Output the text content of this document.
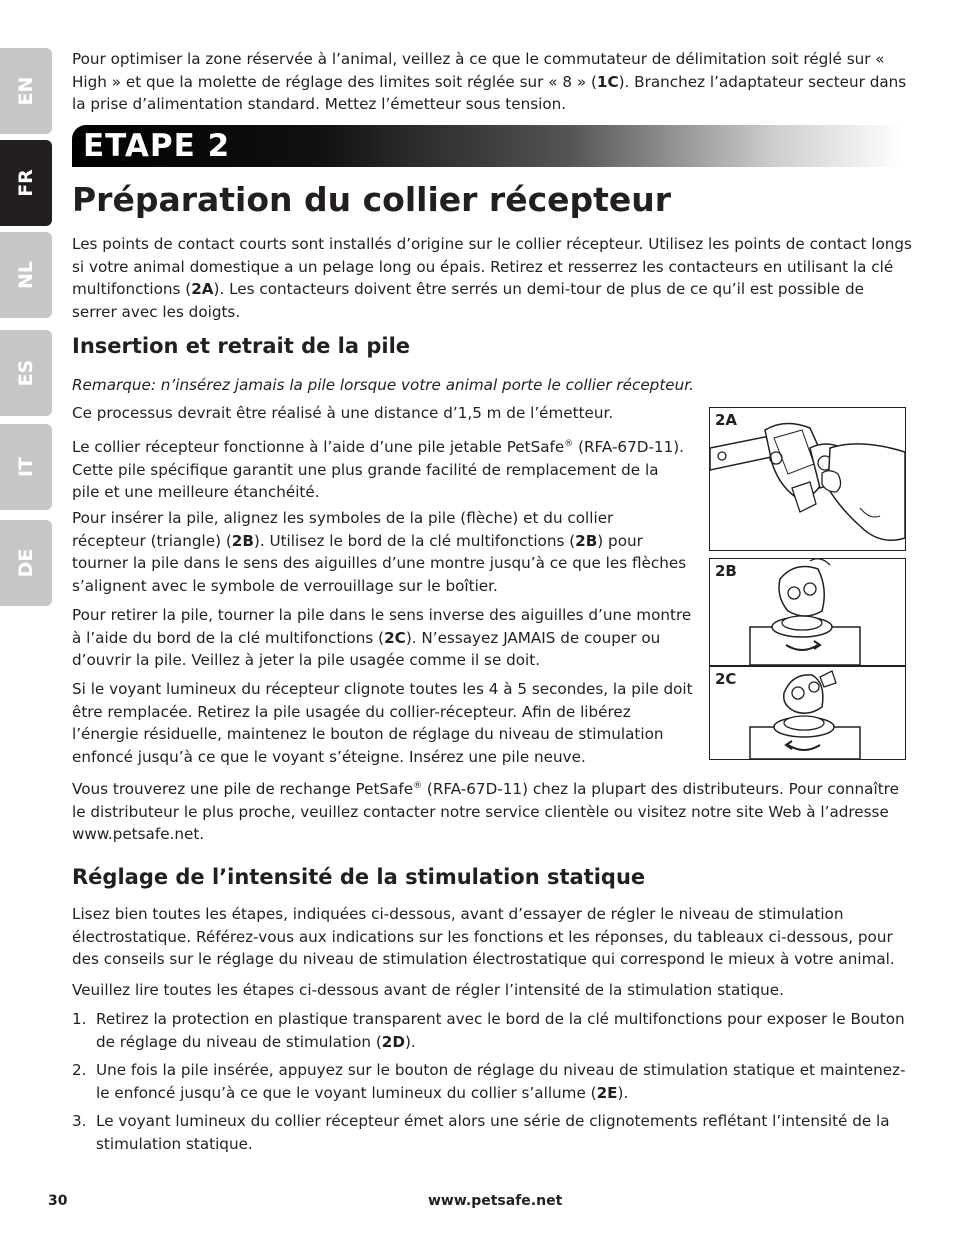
EN
FR
NL
ES
IT
DE

Pour optimiser la zone réservée à l’animal, veillez à ce que le commutateur de délimitation soit réglé sur « High » et que la molette de réglage des limites soit réglée sur « 8 » (1C). Branchez l’adaptateur secteur dans la prise d’alimentation standard. Mettez l’émetteur sous tension.

ETAPE 2
Préparation du collier récepteur

Les points de contact courts sont installés d’origine sur le collier récepteur. Utilisez les points de contact longs si votre animal domestique a un pelage long ou épais. Retirez et resserrez les contacteurs en utilisant la clé multifonctions (2A). Les contacteurs doivent être serrés un demi-tour de plus de ce qu’il est possible de serrer avec les doigts.

Insertion et retrait de la pile

Remarque: n’insérez jamais la pile lorsque votre animal porte le collier récepteur.

Ce processus devrait être réalisé à une distance d’1,5 m de l’émetteur.

Le collier récepteur fonctionne à l’aide d’une pile jetable PetSafe® (RFA-67D-11). Cette pile spécifique garantit une plus grande facilité de remplacement de la pile et une meilleure étanchéité.

Pour insérer la pile, alignez les symboles de la pile (flèche) et du collier récepteur (triangle) (2B). Utilisez le bord de la clé multifonctions (2B) pour tourner la pile dans le sens des aiguilles d’une montre jusqu’à ce que les flèches s’alignent avec le symbole de verrouillage sur le boîtier.

Pour retirer la pile, tourner la pile dans le sens inverse des aiguilles d’une montre à l’aide du bord de la clé multifonctions (2C). N’essayez JAMAIS de couper ou d’ouvrir la pile. Veillez à jeter la pile usagée comme il se doit.

Si le voyant lumineux du récepteur clignote toutes les 4 à 5 secondes, la pile doit être remplacée. Retirez la pile usagée du collier-récepteur. Afin de libérez l’énergie résiduelle, maintenez le bouton de réglage du niveau de stimulation enfoncé jusqu’à ce que le voyant s’éteigne. Insérez une pile neuve.

Vous trouverez une pile de rechange PetSafe® (RFA-67D-11) chez la plupart des distributeurs. Pour connaître le distributeur le plus proche, veuillez contacter notre service clientèle ou visitez notre site Web à l’adresse www.petsafe.net.

2A
2B
2C
Réglage de l’intensité de la stimulation statique

Lisez bien toutes les étapes, indiquées ci-dessous, avant d’essayer de régler le niveau de stimulation électrostatique. Référez-vous aux indications sur les fonctions et les réponses, du tableaux ci-dessous, pour des conseils sur le réglage du niveau de stimulation électrostatique qui correspond le mieux à votre animal.

Veuillez lire toutes les étapes ci-dessous avant de régler l’intensité de la stimulation statique.

1. Retirez la protection en plastique transparent avec le bord de la clé multifonctions pour exposer le Bouton de réglage du niveau de stimulation (2D).
2. Une fois la pile insérée, appuyez sur le bouton de réglage du niveau de stimulation statique et maintenez-le enfoncé jusqu’à ce que le voyant lumineux du collier s’allume (2E).
3. Le voyant lumineux du collier récepteur émet alors une série de clignotements reflétant l’intensité de la stimulation statique.
30	www.petsafe.net
